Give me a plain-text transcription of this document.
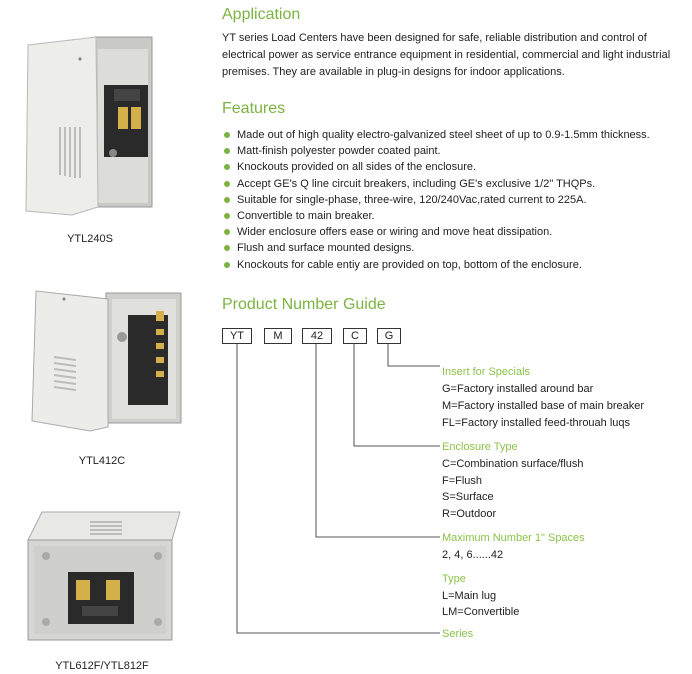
YTL240S
YTL412C
YTL612F/YTL812F
Application
YT series Load Centers have been designed for safe, reliable distribution and control of electrical power as service entrance equipment in residential, commercial and light industrial premises. They are available in plug-in designs for indoor applications.
Features
Made out of high quality electro-galvanized steel sheet of up to 0.9-1.5mm thickness.
Matt-finish polyester powder coated paint.
Knockouts provided on all sides of the enclosure.
Accept GE's Q line circuit breakers, including GE's exclusive 1/2" THQPs.
Suitable for single-phase, three-wire, 120/240Vac,rated current to 225A.
Convertible to main breaker.
Wider enclosure offers ease or wiring and move heat dissipation.
Flush and surface mounted designs.
Knockouts for cable entiy are provided on top, bottom of the enclosure.
Product Number Guide
YT	M	42	C	G
Insert for Specials
G=Factory installed around bar
M=Factory installed base of main breaker
FL=Factory installed feed-throuah luqs
Enclosure Type
C=Combination surface/flush
F=Flush
S=Surface
R=Outdoor
Maximum Number 1" Spaces
2, 4, 6......42
Type
L=Main lug
LM=Convertible
Series
